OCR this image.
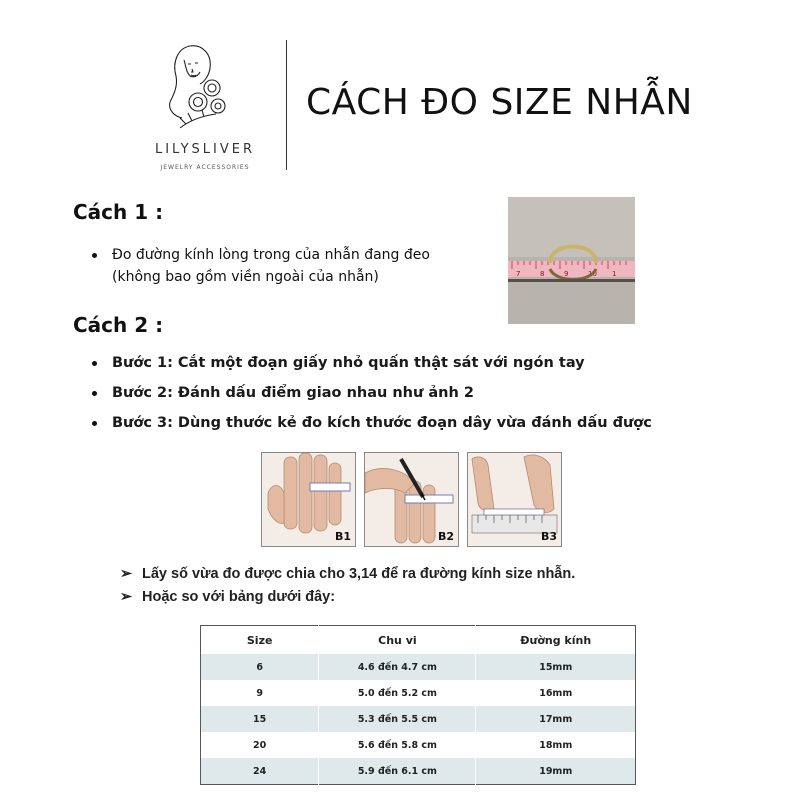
LILYSLIVER
JEWELRY ACCESSORIES
CÁCH ĐO SIZE NHẪN
Cách 1 :
Đo đường kính lòng trong của nhẫn đang đeo
(không bao gồm viền ngoài của nhẫn)	7	8	9	10 1
Cách 2 :
Bước 1: Cắt một đoạn giấy nhỏ quấn thật sát với ngón tay
Bước 2: Đánh dấu điểm giao nhau như ảnh 2
Bước 3: Dùng thước kẻ đo kích thước đoạn dây vừa đánh dấu được
B1	B2	B3
➢ Lấy số vừa đo được chia cho 3,14 để ra đường kính size nhẫn.
➢ Hoặc so với bảng dưới đây:
Size	Chu vi	Đường kính
6	4.6 đến 4.7 cm	15mm
9	5.0 đến 5.2 cm	16mm
15	5.3 đến 5.5 cm	17mm
20	5.6 đến 5.8 cm	18mm
24	5.9 đến 6.1 cm	19mm
